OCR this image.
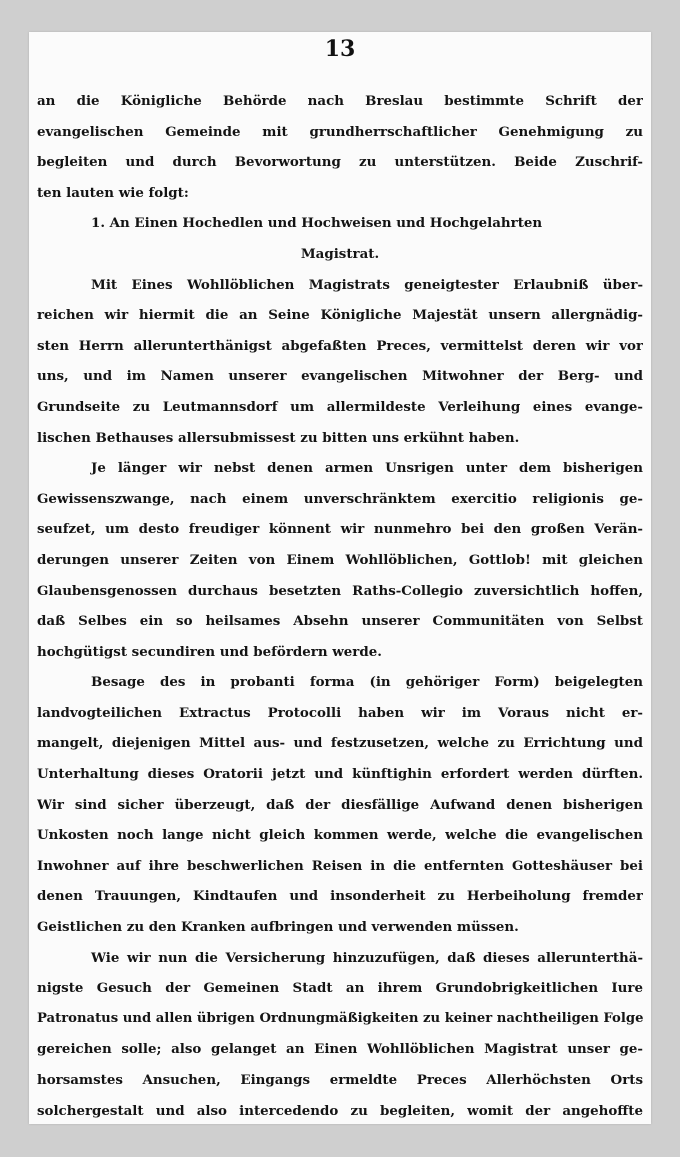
13
an die Königliche Behörde nach Breslau bestimmte Schrift der
evangelischen Gemeinde mit grundherrschaftlicher Genehmigung zu
begleiten und durch Bevorwortung zu unterstützen. Beide Zuschrif-
ten lauten wie folgt:
1. An Einen Hochedlen und Hochweisen und Hochgelahrten
Magistrat.
Mit Eines Wohllöblichen Magistrats geneigtester Erlaubniß über-
reichen wir hiermit die an Seine Königliche Majestät unsern allergnädig-
sten Herrn allerunterthänigst abgefaßten Preces, vermittelst deren wir vor
uns, und im Namen unserer evangelischen Mitwohner der Berg- und
Grundseite zu Leutmannsdorf um allermildeste Verleihung eines evange-
lischen Bethauses allersubmissest zu bitten uns erkühnt haben.
Je länger wir nebst denen armen Unsrigen unter dem bisherigen
Gewissenszwange, nach einem unverschränktem exercitio religionis ge-
seufzet, um desto freudiger könnent wir nunmehro bei den großen Verän-
derungen unserer Zeiten von Einem Wohllöblichen, Gottlob! mit gleichen
Glaubensgenossen durchaus besetzten Raths-Collegio zuversichtlich hoffen,
daß Selbes ein so heilsames Absehn unserer Communitäten von Selbst
hochgütigst secundiren und befördern werde.
Besage des in probanti forma (in gehöriger Form) beigelegten
landvogteilichen Extractus Protocolli haben wir im Voraus nicht er-
mangelt, diejenigen Mittel aus- und festzusetzen, welche zu Errichtung und
Unterhaltung dieses Oratorii jetzt und künftighin erfordert werden dürften.
Wir sind sicher überzeugt, daß der diesfällige Aufwand denen bisherigen
Unkosten noch lange nicht gleich kommen werde, welche die evangelischen
Inwohner auf ihre beschwerlichen Reisen in die entfernten Gotteshäuser bei
denen Trauungen, Kindtaufen und insonderheit zu Herbeiholung fremder
Geistlichen zu den Kranken aufbringen und verwenden müssen.
Wie wir nun die Versicherung hinzuzufügen, daß dieses allerunterthä-
nigste Gesuch der Gemeinen Stadt an ihrem Grundobrigkeitlichen Iure
Patronatus und allen übrigen Ordnungmäßigkeiten zu keiner nachtheiligen Folge
gereichen solle; also gelanget an Einen Wohllöblichen Magistrat unser ge-
horsamstes Ansuchen, Eingangs ermeldte Preces Allerhöchsten Orts
solchergestalt und also intercedendo zu begleiten, womit der angehoffte
